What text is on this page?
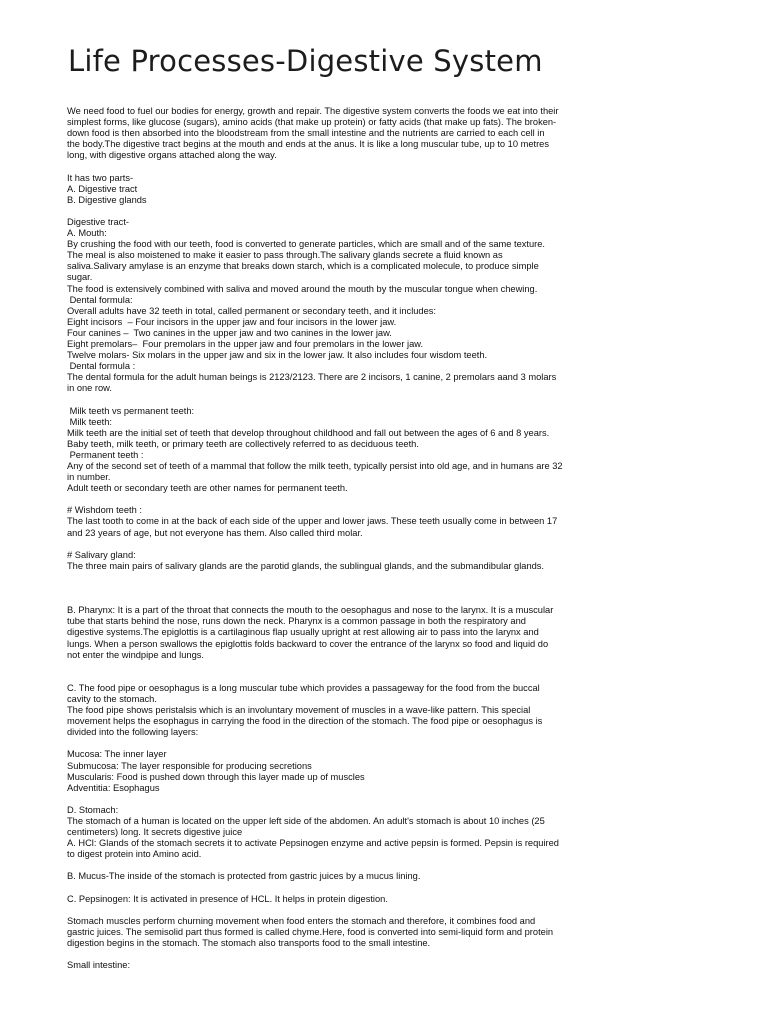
Life Processes-Digestive System
We need food to fuel our bodies for energy, growth and repair. The digestive system converts the foods we eat into their
simplest forms, like glucose (sugars), amino acids (that make up protein) or fatty acids (that make up fats). The broken-
down food is then absorbed into the bloodstream from the small intestine and the nutrients are carried to each cell in
the body.The digestive tract begins at the mouth and ends at the anus. It is like a long muscular tube, up to 10 metres
long, with digestive organs attached along the way.
It has two parts-
A. Digestive tract
B. Digestive glands
Digestive tract-
A. Mouth:
By crushing the food with our teeth, food is converted to generate particles, which are small and of the same texture.
The meal is also moistened to make it easier to pass through.The salivary glands secrete a fluid known as
saliva.Salivary amylase is an enzyme that breaks down starch, which is a complicated molecule, to produce simple
sugar.
The food is extensively combined with saliva and moved around the mouth by the muscular tongue when chewing.
Dental formula:
Overall adults have 32 teeth in total, called permanent or secondary teeth, and it includes:
Eight incisors  – Four incisors in the upper jaw and four incisors in the lower jaw.
Four canines –  Two canines in the upper jaw and two canines in the lower jaw.
Eight premolars–  Four premolars in the upper jaw and four premolars in the lower jaw.
Twelve molars- Six molars in the upper jaw and six in the lower jaw. It also includes four wisdom teeth.
Dental formula :
The dental formula for the adult human beings is 2123/2123. There are 2 incisors, 1 canine, 2 premolars aand 3 molars
in one row.
Milk teeth vs permanent teeth:
Milk teeth:
Milk teeth are the initial set of teeth that develop throughout childhood and fall out between the ages of 6 and 8 years.
Baby teeth, milk teeth, or primary teeth are collectively referred to as deciduous teeth.
Permanent teeth :
Any of the second set of teeth of a mammal that follow the milk teeth, typically persist into old age, and in humans are 32
in number.
Adult teeth or secondary teeth are other names for permanent teeth.
# Wishdom teeth :
The last tooth to come in at the back of each side of the upper and lower jaws. These teeth usually come in between 17
and 23 years of age, but not everyone has them. Also called third molar.
# Salivary gland:
The three main pairs of salivary glands are the parotid glands, the sublingual glands, and the submandibular glands.
B. Pharynx: It is a part of the throat that connects the mouth to the oesophagus and nose to the larynx. It is a muscular
tube that starts behind the nose, runs down the neck. Pharynx is a common passage in both the respiratory and
digestive systems.The epiglottis is a cartilaginous flap usually upright at rest allowing air to pass into the larynx and
lungs. When a person swallows the epiglottis folds backward to cover the entrance of the larynx so food and liquid do
not enter the windpipe and lungs.
C. The food pipe or oesophagus is a long muscular tube which provides a passageway for the food from the buccal
cavity to the stomach.
The food pipe shows peristalsis which is an involuntary movement of muscles in a wave-like pattern. This special
movement helps the esophagus in carrying the food in the direction of the stomach. The food pipe or oesophagus is
divided into the following layers:
Mucosa: The inner layer
Submucosa: The layer responsible for producing secretions
Muscularis: Food is pushed down through this layer made up of muscles
Adventitia: Esophagus
D. Stomach:
The stomach of a human is located on the upper left side of the abdomen. An adult's stomach is about 10 inches (25
centimeters) long. It secrets digestive juice
A. HCl: Glands of the stomach secrets it to activate Pepsinogen enzyme and active pepsin is formed. Pepsin is required
to digest protein into Amino acid.
B. Mucus-The inside of the stomach is protected from gastric juices by a mucus lining.
C. Pepsinogen: It is activated in presence of HCL. It helps in protein digestion.
Stomach muscles perform churning movement when food enters the stomach and therefore, it combines food and
gastric juices. The semisolid part thus formed is called chyme.Here, food is converted into semi-liquid form and protein
digestion begins in the stomach. The stomach also transports food to the small intestine.
Small intestine:
